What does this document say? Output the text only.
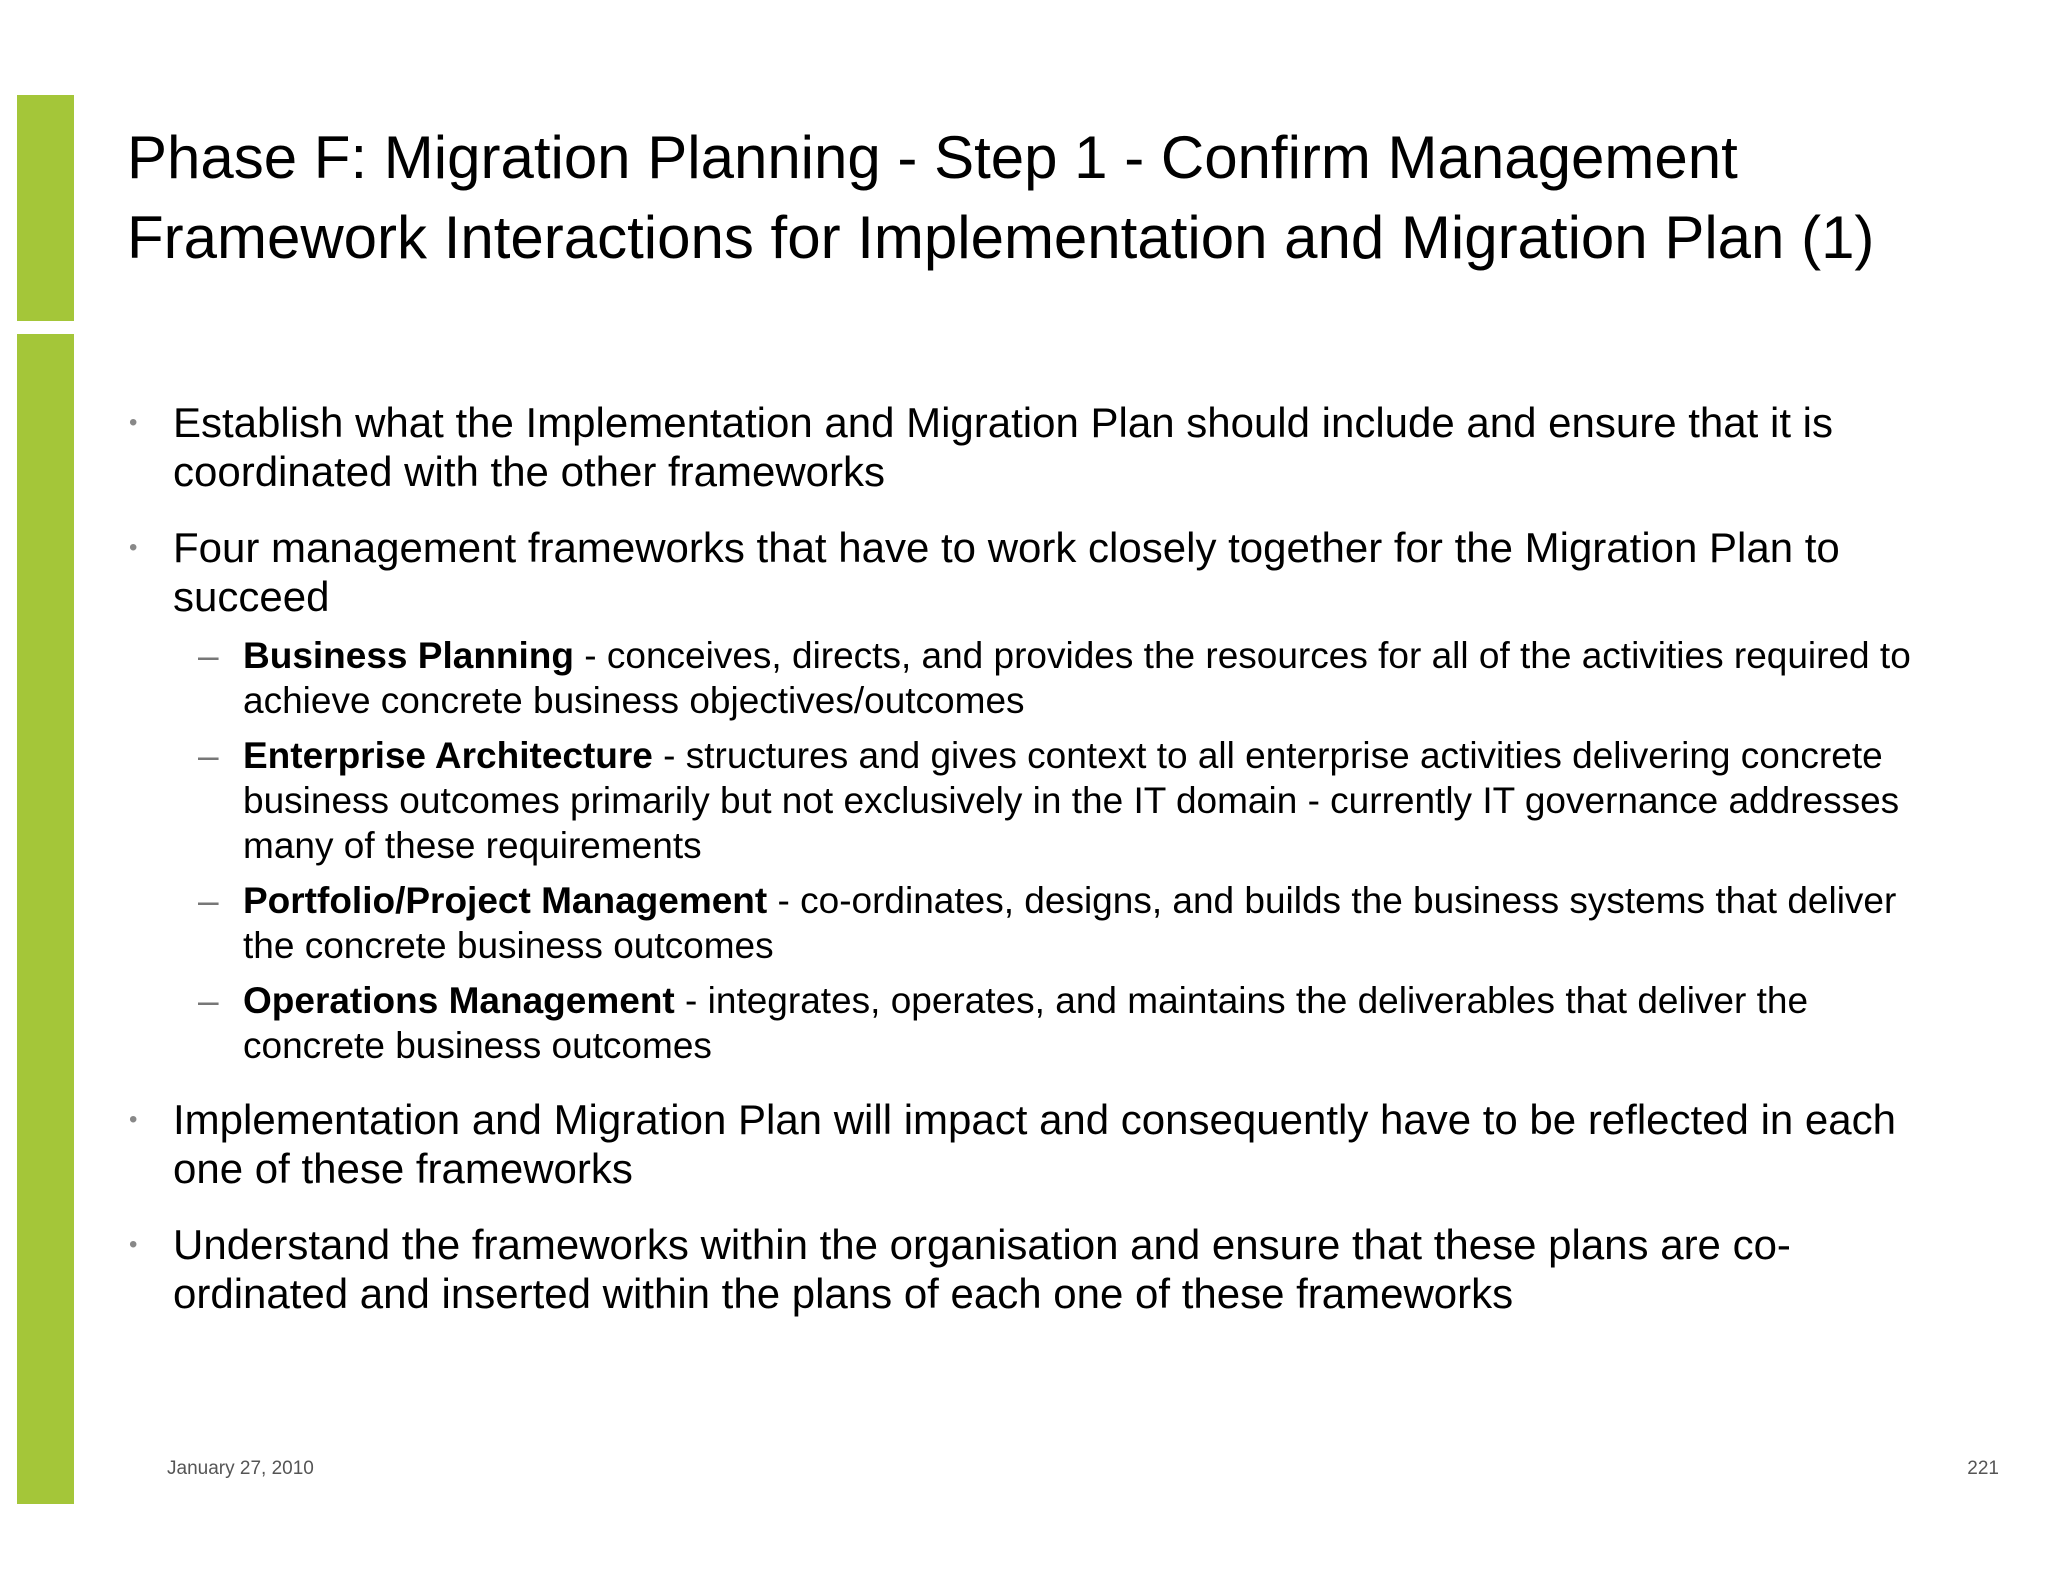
Phase F: Migration Planning - Step 1 - Confirm Management Framework Interactions for Implementation and Migration Plan (1)
• Establish what the Implementation and Migration Plan should include and ensure that it is coordinated with the other frameworks
• Four management frameworks that have to work closely together for the Migration Plan to succeed
– Business Planning - conceives, directs, and provides the resources for all of the activities required to achieve concrete business objectives/outcomes
– Enterprise Architecture - structures and gives context to all enterprise activities delivering concrete business outcomes primarily but not exclusively in the IT domain - currently IT governance addresses many of these requirements
– Portfolio/Project Management - co-ordinates, designs, and builds the business systems that deliver the concrete business outcomes
– Operations Management - integrates, operates, and maintains the deliverables that deliver the concrete business outcomes
• Implementation and Migration Plan will impact and consequently have to be reflected in each one of these frameworks
• Understand the frameworks within the organisation and ensure that these plans are co-ordinated and inserted within the plans of each one of these frameworks
January 27, 2010	221
